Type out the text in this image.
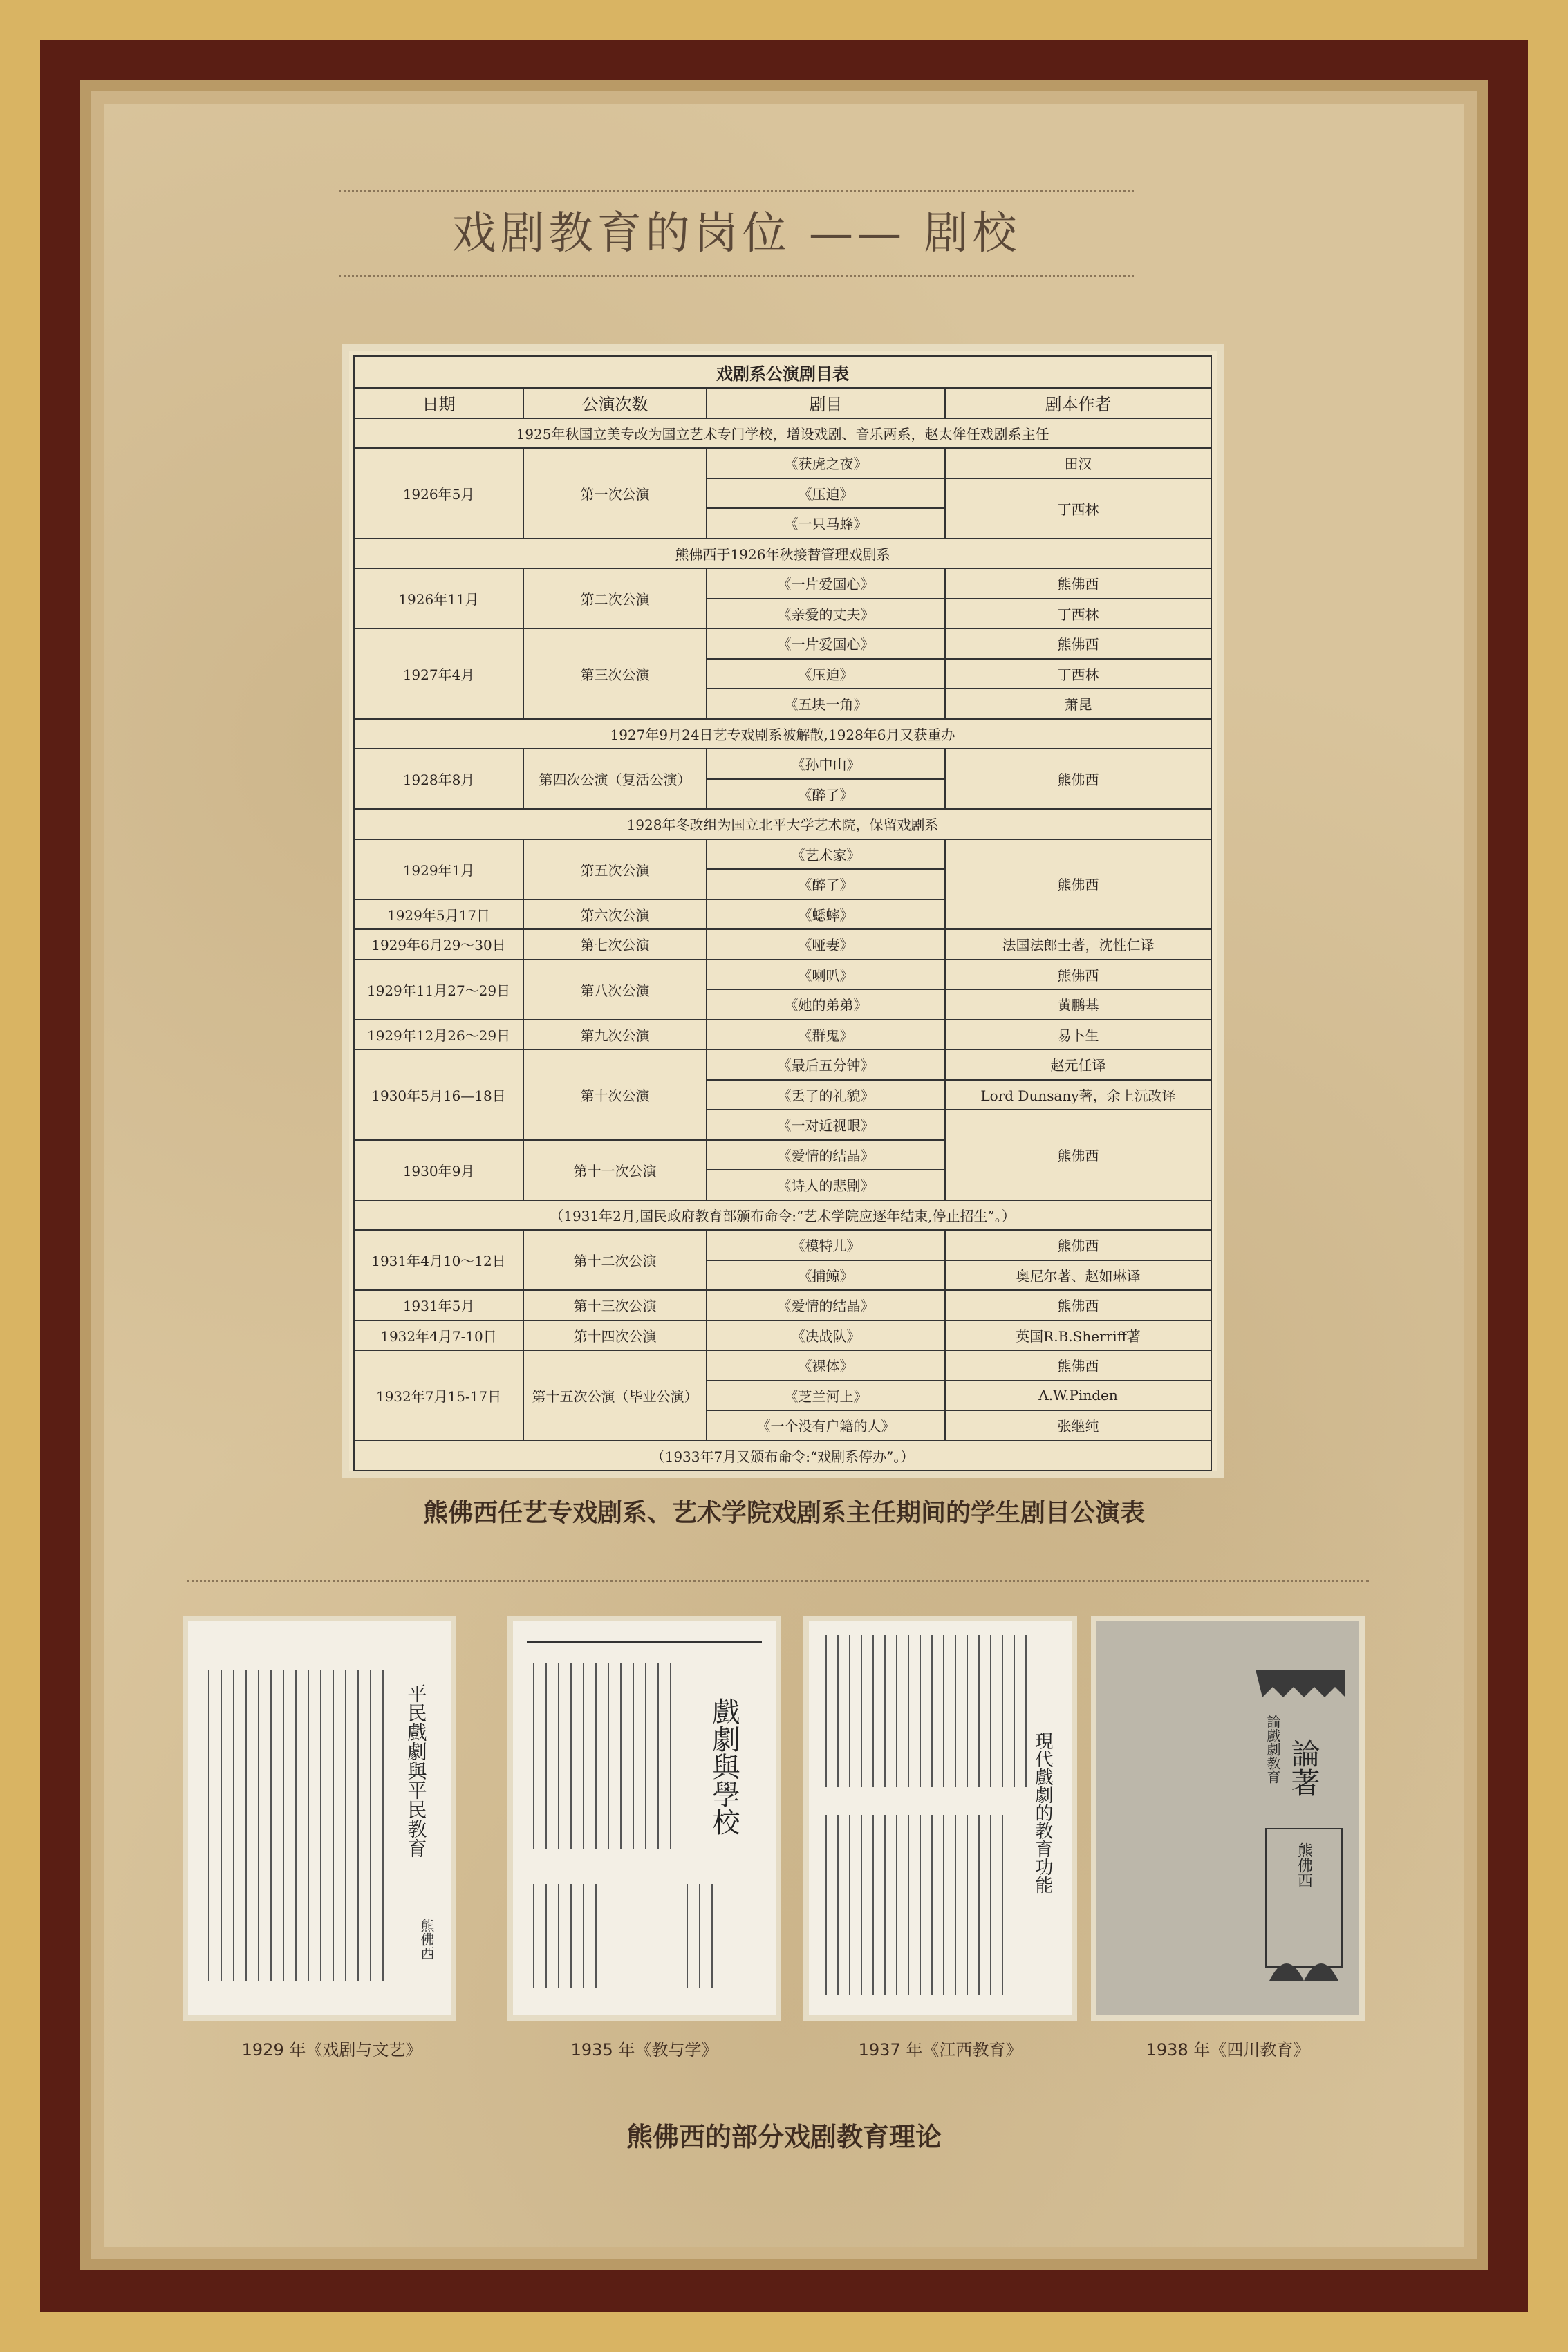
戏剧教育的岗位 —— 剧校
戏剧系公演剧目表			
日期	公演次数	剧目	剧本作者
1925年秋国立美专改为国立艺术专门学校，增设戏剧、音乐两系，赵太侔任戏剧系主任			
1926年5月	第一次公演	《获虎之夜》	田汉
		《压迫》	丁西林
		《一只马蜂》	
熊佛西于1926年秋接替管理戏剧系			
1926年11月	第二次公演	《一片爱国心》	熊佛西
		《亲爱的丈夫》	丁西林
1927年4月	第三次公演	《一片爱国心》	熊佛西
		《压迫》	丁西林
		《五块一角》	萧昆
1927年9月24日艺专戏剧系被解散,1928年6月又获重办			
1928年8月	第四次公演（复活公演）	《孙中山》	熊佛西
		《醉了》	
1928年冬改组为国立北平大学艺术院，保留戏剧系			
1929年1月	第五次公演	《艺术家》	熊佛西
		《醉了》	
1929年5月17日	第六次公演	《蟋蟀》	
1929年6月29～30日	第七次公演	《哑妻》	法国法郎士著，沈性仁译
1929年11月27～29日	第八次公演	《喇叭》	熊佛西
		《她的弟弟》	黄鹏基
1929年12月26～29日	第九次公演	《群鬼》	易卜生
1930年5月16—18日	第十次公演	《最后五分钟》	赵元任译
		《丢了的礼貌》	Lord Dunsany著，余上沅改译
		《一对近视眼》	熊佛西
1930年9月	第十一次公演	《爱情的结晶》	
		《诗人的悲剧》	
（1931年2月,国民政府教育部颁布命令:“艺术学院应逐年结束,停止招生”。）			
1931年4月10～12日	第十二次公演	《模特儿》	熊佛西
		《捕鲸》	奥尼尔著、赵如琳译
1931年5月	第十三次公演	《爱情的结晶》	熊佛西
1932年4月7-10日	第十四次公演	《决战队》	英国R.B.Sherriff著
1932年7月15-17日	第十五次公演（毕业公演）	《裸体》	熊佛西
		《芝兰河上》	A.W.Pinden
		《一个没有户籍的人》	张继纯
（1933年7月又颁布命令:“戏剧系停办”。）			
熊佛西任艺专戏剧系、艺术学院戏剧系主任期间的学生剧目公演表
平民戲劇與平民教育
熊佛西
戲劇與學校	現代戲劇的教育功能	論戲劇教育 論著
熊佛西
1929 年《戏剧与文艺》	1935 年《教与学》	1937 年《江西教育》	1938 年《四川教育》
熊佛西的部分戏剧教育理论
